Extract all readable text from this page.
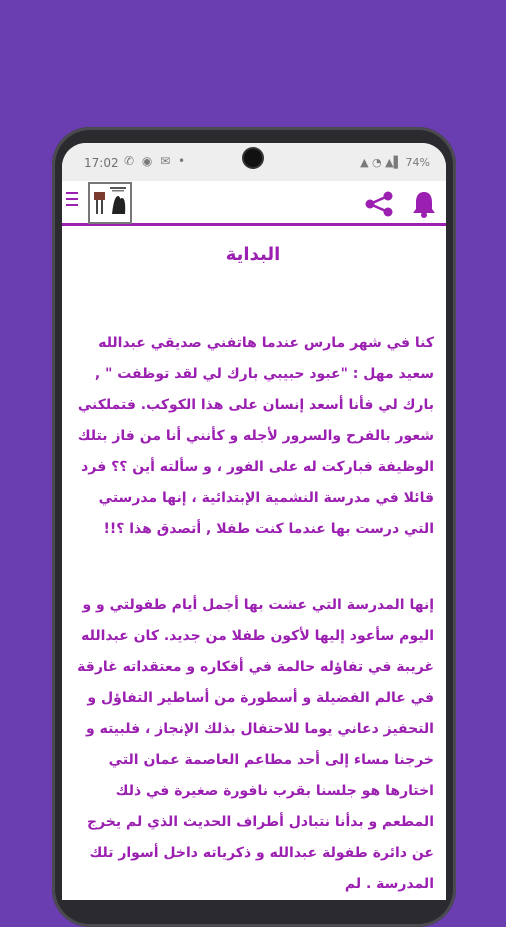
17:02 ✆ ◉ ✉ •	▲ ◔ ▲▌ 74%
البداية

كنا في شهر مارس عندما هاتفني صديقي عبدالله سعيد مهل : "عبود حبيبي بارك لي لقد توظفت " , بارك لي فأنا أسعد إنسان على هذا الكوكب. فتملكني شعور بالفرح والسرور لأجله و كأنني أنا من فاز بتلك الوظيفة فباركت له على الفور ، و سألته أين ؟؟ فرد قائلا في مدرسة النشمية الإبتدائية ، إنها مدرستي التي درست بها عندما كنت طفلا , أتصدق هذا ؟!!

إنها المدرسة التي عشت بها أجمل أيام طفولتي و و اليوم سأعود إليها لأكون طفلا من جديد. كان عبدالله غريبة في تفاؤله حالمة في أفكاره و معتقداته غارقة في عالم الفضيلة و أسطورة من أساطير التفاؤل و التحفيز دعاني يوما للاحتفال بذلك الإنجاز ، فلبيته و خرجنا مساء إلى أحد مطاعم العاصمة عمان التي اختارها هو جلسنا بقرب نافورة صغيرة في ذلك المطعم و بدأنا نتبادل أطراف الحديث الذي لم يخرج عن دائرة طفولة عبدالله و ذكرياته داخل أسوار تلك المدرسة . لم
